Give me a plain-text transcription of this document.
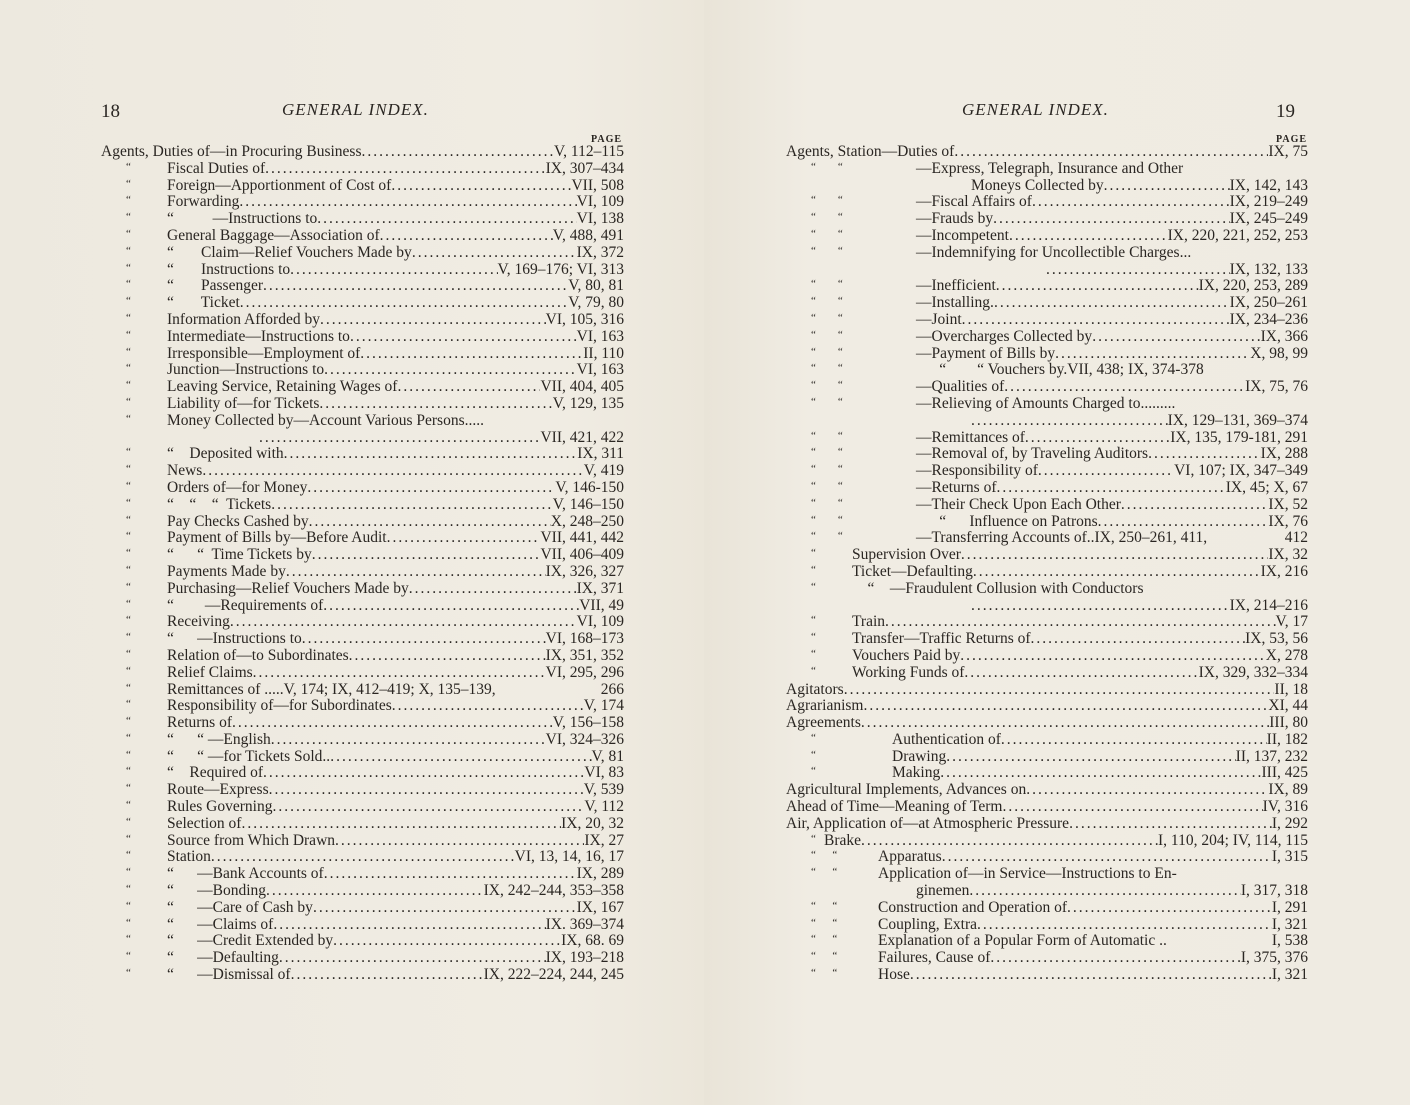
18	GENERAL INDEX.
PAGE
Agents, Duties of—in Procuring Business .....	V, 112–115
“ Fiscal Duties of .....	IX, 307–434
“ Foreign—Apportionment of Cost of .....	VII, 508
“ Forwarding .....	VI, 109
“ “          —Instructions to .....	VI, 138
“ General Baggage—Association of .....	V, 488, 491
“ “       Claim—Relief Vouchers Made by .....	IX, 372
“ “       Instructions to .....	V, 169–176; VI, 313
“ “       Passenger .....	V, 80, 81
“ “       Ticket .....	V, 79, 80
“ Information Afforded by .....	VI, 105, 316
“ Intermediate—Instructions to .....	VI, 163
“ Irresponsible—Employment of .....	II, 110
“ Junction—Instructions to .....	VI, 163
“ Leaving Service, Retaining Wages of .....	VII, 404, 405
“ Liability of—for Tickets .....	V, 129, 135
“ Money Collected by—Account Various Persons.....
.....
VII, 421, 422
“ “    Deposited with .....	IX, 311
“ News .....	V, 419
“ Orders of—for Money .....	V, 146-150
“ “    “    “  Tickets .....	V, 146–150
“ Pay Checks Cashed by .....	X, 248–250
“ Payment of Bills by—Before Audit .....	VII, 441, 442
“ “      “  Time Tickets by .....	VII, 406–409
“ Payments Made by .....	IX, 326, 327
“ Purchasing—Relief Vouchers Made by .....	IX, 371
“ “        —Requirements of .....	VII, 49
“ Receiving .....	VI, 109
“ “      —Instructions to .....	VI, 168–173
“ Relation of—to Subordinates .....	IX, 351, 352
“ Relief Claims .....	VI, 295, 296
“ Remittances of .....V, 174; IX, 412–419; X, 135–139,	266
“ Responsibility of—for Subordinates .....	V, 174
“ Returns of .....	V, 156–158
“ “      “ —English .....	VI, 324–326
“ “      “ —for Tickets Sold.. .....	V, 81
“ “    Required of .....	VI, 83
“ Route—Express .....	V, 539
“ Rules Governing .....	V, 112
“ Selection of .....	IX, 20, 32
“ Source from Which Drawn .....	IX, 27
“ Station .....	VI, 13, 14, 16, 17
“ “      —Bank Accounts of .....	IX, 289
“ “      —Bonding .....	IX, 242–244, 353–358
“ “      —Care of Cash by .....	IX, 167
“ “      —Claims of .....	IX. 369–374
“ “      —Credit Extended by .....	IX, 68. 69
“ “      —Defaulting .....	IX, 193–218
“ “      —Dismissal of .....	IX, 222–224, 244, 245
GENERAL INDEX.	19
PAGE
Agents, Station—Duties of .....	IX, 75
“        “	—Express, Telegraph, Insurance and Other
Moneys Collected by .....	IX, 142, 143
“        “	—Fiscal Affairs of .....	IX, 219–249
“        “	—Frauds by .....	IX, 245–249
“        “	—Incompetent .....	IX, 220, 221, 252, 253
“        “	—Indemnifying for Uncollectible Charges...
.....
IX, 132, 133
“        “	—Inefficient .....	IX, 220, 253, 289
“        “	—Installing. .....	IX, 250–261
“        “	—Joint .....	IX, 234–236
“        “	—Overcharges Collected by .....	IX, 366
“        “	—Payment of Bills by .....	X, 98, 99
“        “	“        “ Vouchers by.VII, 438; IX, 374-378
“        “	—Qualities of .....	IX, 75, 76
“        “	—Relieving of Amounts Charged to.........
.....
IX, 129–131, 369–374
“        “	—Remittances of .....	IX, 135, 179-181, 291
“        “	—Removal of, by Traveling Auditors .....	IX, 288
“        “	—Responsibility of .....	VI, 107; IX, 347–349
“        “	—Returns of .....	IX, 45; X, 67
“        “	—Their Check Upon Each Other .....	IX, 52
“        “	“      Influence on Patrons .....	IX, 76
“        “	—Transferring Accounts of..IX, 250–261, 411,	412
“ Supervision Over .....	IX, 32
“ Ticket—Defaulting .....	IX, 216
“ “    —Fraudulent Collusion with Conductors
.....
IX, 214–216
“ Train .....	V, 17
“ Transfer—Traffic Returns of .....	IX, 53, 56
“ Vouchers Paid by .....	X, 278
“ Working Funds of .....	IX, 329, 332–334
Agitators .....	II, 18
Agrarianism .....	XI, 44
Agreements .....	III, 80
“	Authentication of .....	II, 182
“	Drawing .....	II, 137, 232
“	Making .....	III, 425
Agricultural Implements, Advances on .....	IX, 89
Ahead of Time—Meaning of Term .....	IV, 316
Air, Application of—at Atmospheric Pressure .....	I, 292
“ Brake .....	I, 110, 204; IV, 114, 115
“      “	Apparatus .....	I, 315
“      “	Application of—in Service—Instructions to En-
ginemen .....	I, 317, 318
“      “	Construction and Operation of .....	I, 291
“      “	Coupling, Extra .....	I, 321
“      “	Explanation of a Popular Form of Automatic ..	I, 538
“      “	Failures, Cause of .....	I, 375, 376
“      “	Hose .....	I, 321
